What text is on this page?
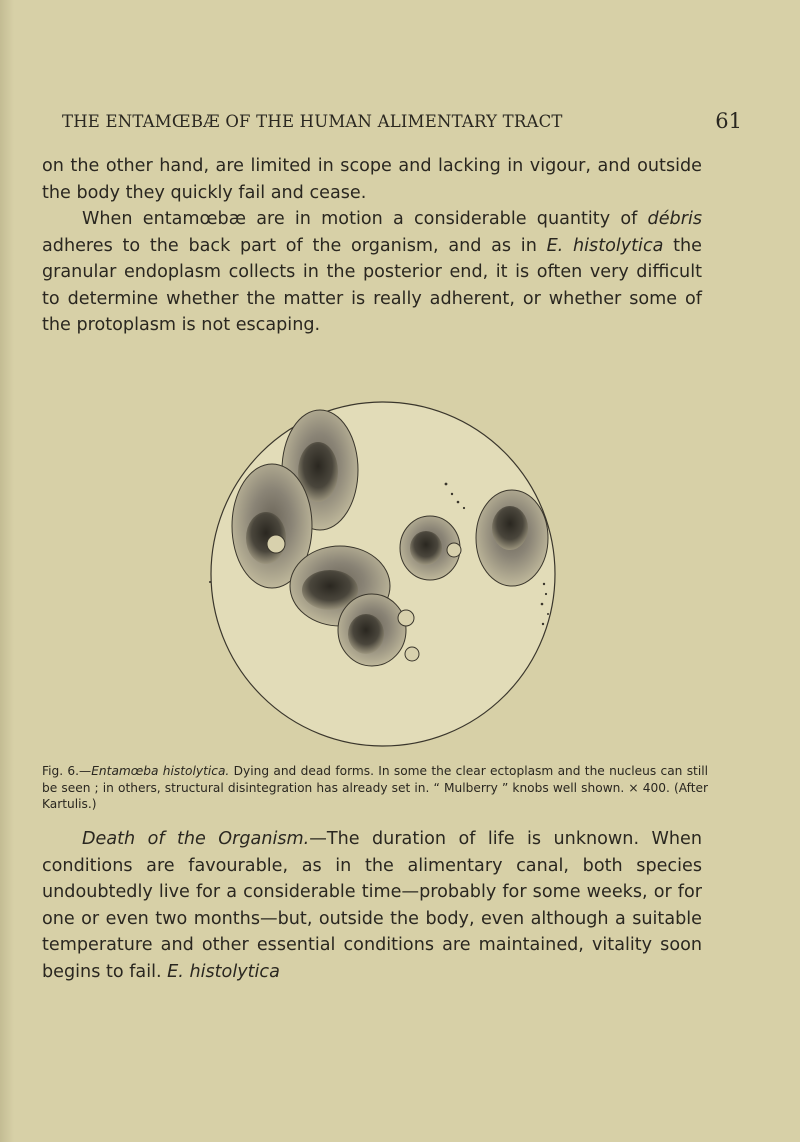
THE ENTAMŒBÆ OF THE HUMAN ALIMENTARY TRACT	61

on the other hand, are limited in scope and lacking in vigour, and outside the body they quickly fail and cease.

When entamœbæ are in motion a considerable quantity of débris adheres to the back part of the organism, and as in E. histolytica the granular endoplasm collects in the posterior end, it is often very difficult to determine whether the matter is really adherent, or whether some of the protoplasm is not escaping.

Fig. 6.—Entamœba histolytica. Dying and dead forms. In some the clear ectoplasm and the nucleus can still be seen ; in others, structural disintegration has already set in. “ Mulberry ” knobs well shown. × 400. (After Kartulis.)

Death of the Organism.—The duration of life is unknown. When conditions are favourable, as in the alimentary canal, both species undoubtedly live for a considerable time—probably for some weeks, or for one or even two months—but, outside the body, even although a suitable temperature and other essential conditions are maintained, vitality soon begins to fail. E. histolytica
